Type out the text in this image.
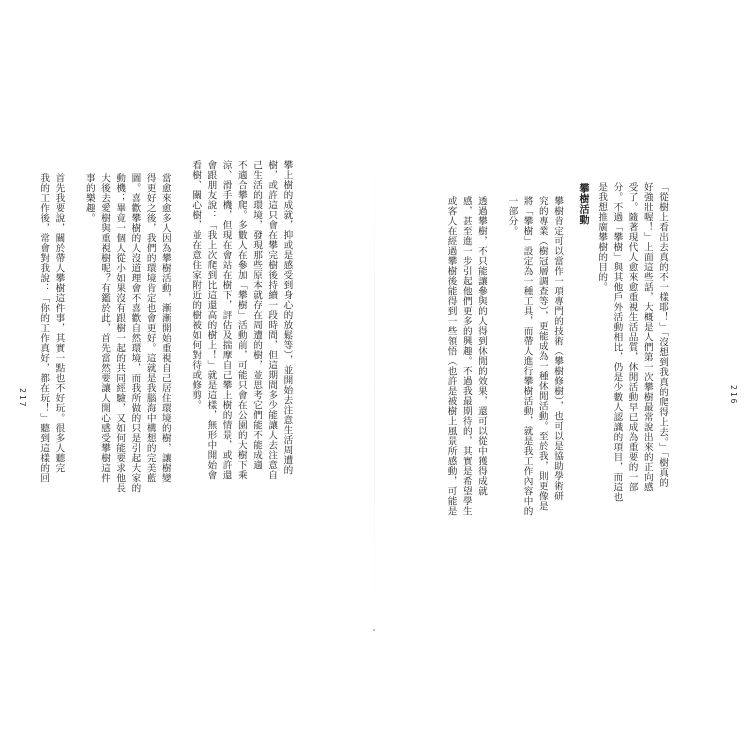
「從樹上看出去真的不一樣耶！」「沒想到我真的爬得上去。」「樹真的
好強壯喔！」上面這些話，大概是人們第一次攀樹最常說出來的正向感
受了。隨著現代人愈來愈重視生活品質，休閒活動早已成為重要的一部
分。不過「攀樹」與其他戶外活動相比，仍是少數人認識的項目，而這也
是我想推廣攀樹的目的。
攀樹活動
攀樹肯定可以當作一項專門的技術（攀樹修樹），也可以是協助學術研
究的專業（樹冠層調查等），更能成為一種休閒活動。至於我，則更像是
將「攀樹」設定為一種工具，而帶人進行攀樹活動，就是我工作內容中的
一部分。

透過攀樹，不只能讓參與的人得到休閒的效果，還可以從中獲得成就
感，甚至進一步引起他們更多的興趣。不過我最期待的，其實是希望學生
或客人在經過攀樹後能得到一些領悟（也許是被樹上風景所感動，可能是	216
攀上樹的成就，抑或是感受到身心的放鬆等），並開始去注意生活周遭的
樹，或許這只會在攀完樹後持續一段時間，但這期間多少能讓人去注意自
己生活的環境，發現那些原本就存在周遭的樹，並思考它們能不能成適
不適合攀爬。多數人在參加「攀樹」活動前，可能只會在公園的大樹下乘
涼、滑手機，但現在會站在樹下，評估及揣摩自己攀上樹的情景，或許還
會跟朋友說：「我上次爬到比這還高的樹上！」就是這樣，無形中開始會
看樹、關心樹，並在意住家附近的樹被如何對待或修剪。
當愈來愈多人因為攀樹活動，漸漸開始重視自己居住環境的樹，讓樹變
得更好之後，我們的環境肯定也會更好。這就是我腦海中構想的完美藍
圖。喜歡攀樹的人沒道理會不喜歡自然環境，而我所做的只是引起大家的
動機；畢竟一個人從小如果沒有跟樹一起的共同經驗，又如何能要求他長
大後去愛樹與重視樹呢？有鑑於此，首先當然要讓人開心感受攀樹這件
事的樂趣。

首先我要說，關於帶人攀樹這件事，其實一點也不好玩。很多人聽完
我的工作後，常會對我說：「你的工作真好，都在玩！」聽到這樣的回
217
